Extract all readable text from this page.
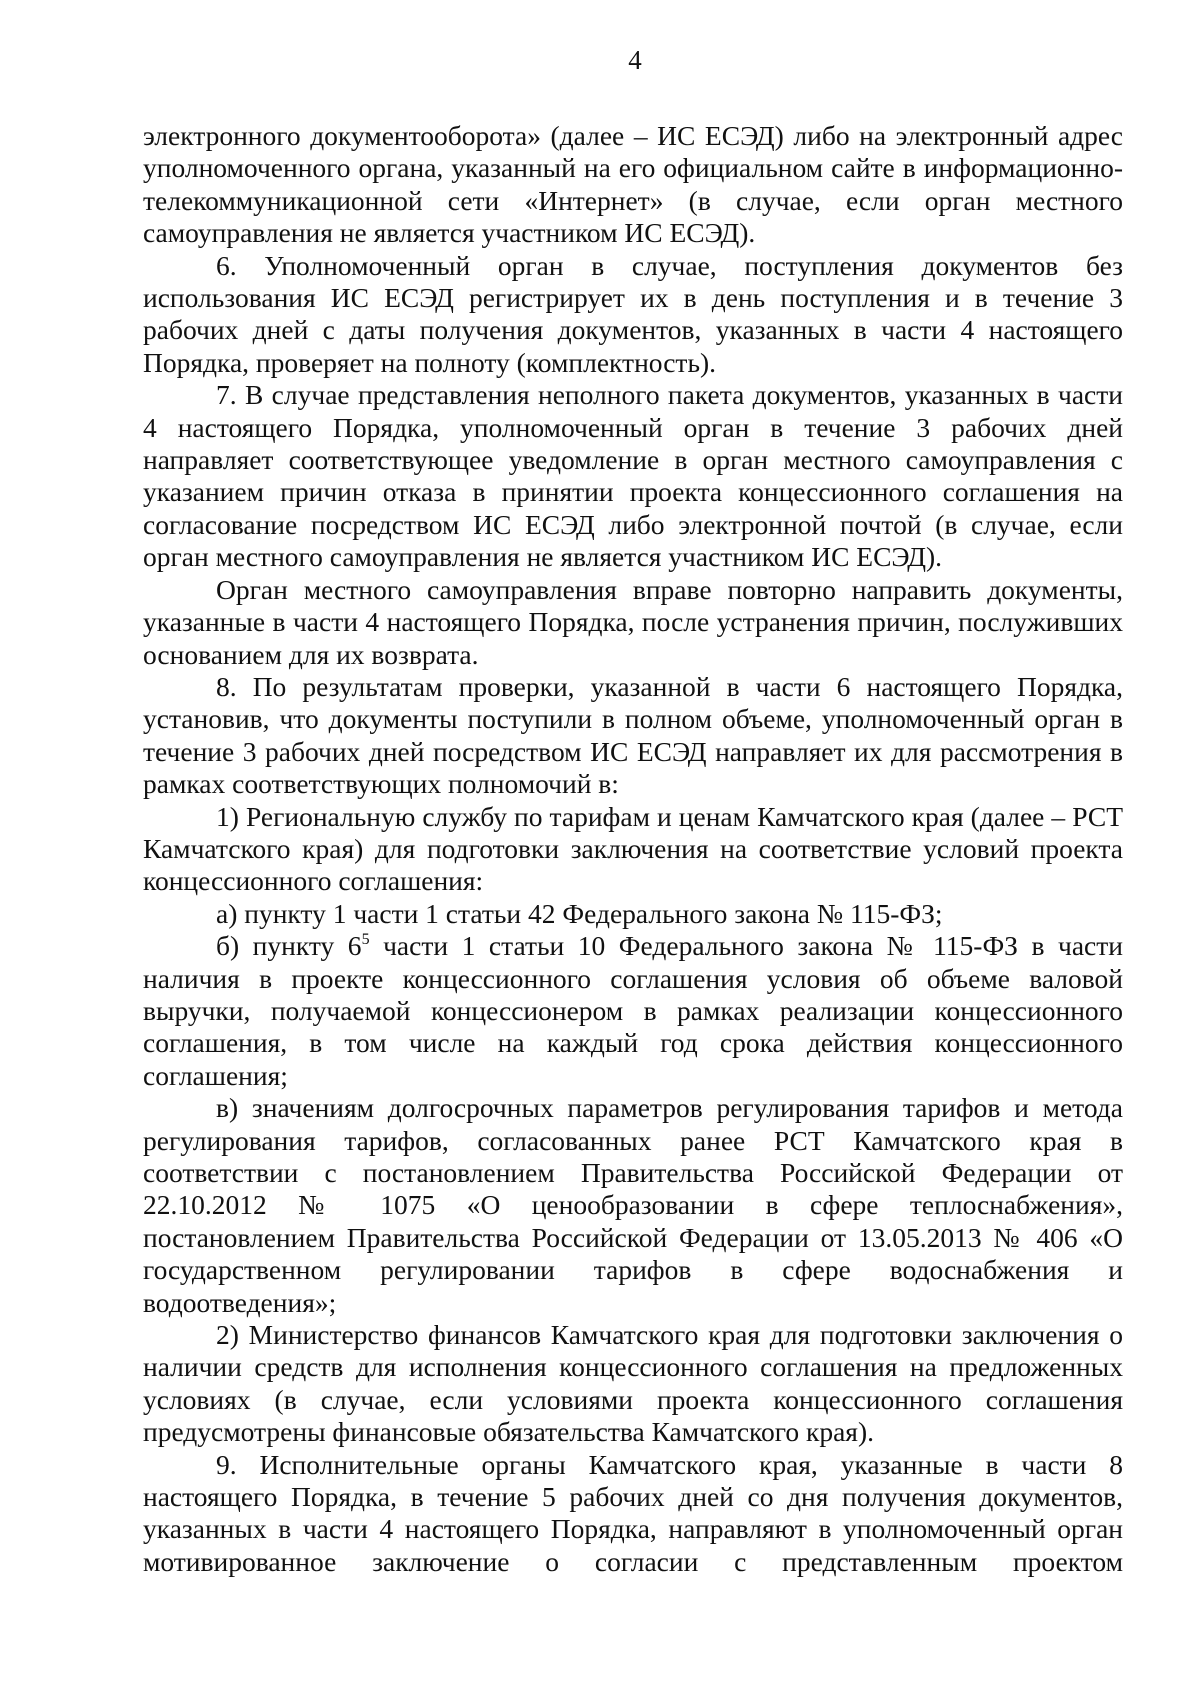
4

электронного документооборота» (далее – ИС ЕСЭД) либо на электронный адрес уполномоченного органа, указанный на его официальном сайте в информационно-телекоммуникационной сети «Интернет» (в случае, если орган местного самоуправления не является участником ИС ЕСЭД).

6. Уполномоченный орган в случае, поступления документов без использования ИС ЕСЭД регистрирует их в день поступления и в течение 3 рабочих дней с даты получения документов, указанных в части 4 настоящего Порядка, проверяет на полноту (комплектность).

7. В случае представления неполного пакета документов, указанных в части 4 настоящего Порядка, уполномоченный орган в течение 3 рабочих дней направляет соответствующее уведомление в орган местного самоуправления с указанием причин отказа в принятии проекта концессионного соглашения на согласование посредством ИС ЕСЭД либо электронной почтой (в случае, если орган местного самоуправления не является участником ИС ЕСЭД).

Орган местного самоуправления вправе повторно направить документы, указанные в части 4 настоящего Порядка, после устранения причин, послуживших основанием для их возврата.

8. По результатам проверки, указанной в части 6 настоящего Порядка, установив, что документы поступили в полном объеме, уполномоченный орган в течение 3 рабочих дней посредством ИС ЕСЭД направляет их для рассмотрения в рамках соответствующих полномочий в:

1) Региональную службу по тарифам и ценам Камчатского края (далее – РСТ Камчатского края) для подготовки заключения на соответствие условий проекта концессионного соглашения:

а) пункту 1 части 1 статьи 42 Федерального закона № 115-ФЗ;

б) пункту $6^5$ части 1 статьи 10 Федерального закона № 115-ФЗ в части наличия в проекте концессионного соглашения условия об объеме валовой выручки, получаемой концессионером в рамках реализации концессионного соглашения, в том числе на каждый год срока действия концессионного соглашения;

в) значениям долгосрочных параметров регулирования тарифов и метода регулирования тарифов, согласованных ранее РСТ Камчатского края в соответствии с постановлением Правительства Российской Федерации от 22.10.2012 № 1075 «О ценообразовании в сфере теплоснабжения», постановлением Правительства Российской Федерации от 13.05.2013 № 406 «О государственном регулировании тарифов в сфере водоснабжения и водоотведения»;

2) Министерство финансов Камчатского края для подготовки заключения о наличии средств для исполнения концессионного соглашения на предложенных условиях (в случае, если условиями проекта концессионного соглашения предусмотрены финансовые обязательства Камчатского края).

9. Исполнительные органы Камчатского края, указанные в части 8 настоящего Порядка, в течение 5 рабочих дней со дня получения документов, указанных в части 4 настоящего Порядка, направляют в уполномоченный орган мотивированное заключение о согласии с представленным проектом
